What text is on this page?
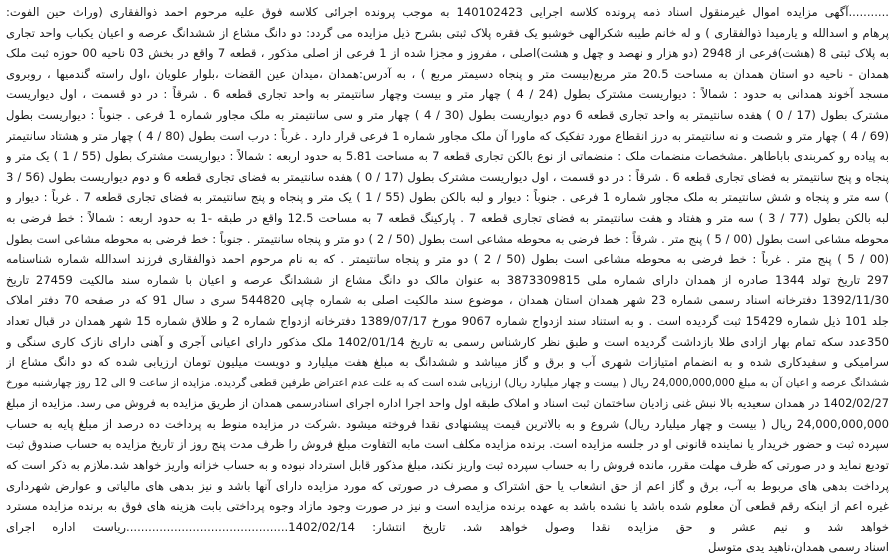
...........آگهی مزایده اموال غیرمنقول اسناد ذمه پرونده کلاسه اجرایی 140102423 به موجب پرونده اجرائی کلاسه فوق علیه مرحوم احمد ذوالفقاری (وراث حین الفوت:
پرهام و اسدالله و یارمیدا ذوالفقاری ) و له خانم طیبه شکرالهی خوشبو یک فقره پلاک ثبتی بشرح ذیل مزایده می گردد: دو دانگ مشاع از ششدانگ عرصه و اعیان یکباب واحد تجاری
به پلاک ثبتی 8 (هشت)فرعی از 2948 (دو هزار و نهصد و چهل و هشت)اصلی ، مفروز و مجزا شده از 1 فرعی از اصلی مذکور ، قطعه 7 واقع در بخش 03 ناحیه 00 حوزه ثبت ملک
همدان - ناحیه دو استان همدان به مساحت 20.5 متر مربع(بیست متر و پنجاه دسیمتر مربع ) ، به آدرس:همدان ،میدان عین القضات ،بلوار علویان ،اول راسته گندمیها ، روبروی
مسجد آخوند همدانی به حدود : شمالاً : دیواریست مشترک بطول (24 / 4 ) چهار متر و بیست وچهار سانتیمتر به واحد تجاری قطعه 6 . شرقاً : در دو قسمت ، اول دیواریست
مشترک بطول (17 / 0 ) هفده سانتیمتر به واحد تجاری قطعه 6 دوم دیواریست بطول (30 / 4 ) چهار متر و سی سانتیمتر به ملک مجاور شماره 1 فرعی . جنوباً : دیواریست بطول
(69 / 4 ) چهار متر و شصت و نه سانتیمتر به درز انقطاع مورد تفکیک که ماورا آن ملک مجاور شماره 1 فرعی قرار دارد . غرباً : درب است بطول (80 / 4 ) چهار متر و هشتاد سانتیمتر
به پیاده رو کمربندی باباطاهر .مشخصات منضمات ملک : منضماتی از نوع بالکن تجاری قطعه 7 به مساحت 5.81 به حدود اربعه : شمالاً : دیواریست مشترک بطول (55 / 1 ) یک متر و
پنجاه و پنج سانتیمتر به فضای تجاری قطعه 6 . شرقاً : در دو قسمت ، اول دیواریست مشترک بطول (17 / 0 ) هفده سانتیمتر به فضای تجاری قطعه 6 و دوم دیواریست بطول (56 / 3
) سه متر و پنجاه و شش سانتیمتر به ملک مجاور شماره 1 فرعی . جنوباً : دیوار و لبه بالکن بطول (55 / 1 ) یک متر و پنجاه و پنج سانتیمتر به فضای تجاری قطعه 7 . غرباً : دیوار و
لبه بالکن بطول (77 / 3 ) سه متر و هفتاد و هفت سانتیمتر به فضای تجاری قطعه 7 . پارکینگ قطعه 7 به مساحت 12.5 واقع در طبقه -1 به حدود اربعه : شمالاً : خط فرضی به
محوطه مشاعی است بطول (00 / 5 ) پنج متر . شرقاً : خط فرضی به محوطه مشاعی است بطول (50 / 2 ) دو متر و پنجاه سانتیمتر . جنوباً : خط فرضی به محوطه مشاعی است بطول
(00 / 5 ) پنج متر . غرباً : خط فرضی به محوطه مشاعی است بطول (50 / 2 ) دو متر و پنجاه سانتیمتر . که به نام مرحوم احمد ذوالفقاری فرزند اسدالله شماره شناسنامه
297 تاریخ تولد 1344 صادره از همدان دارای شماره ملی 3873309815 به عنوان مالک دو دانگ مشاع از ششدانگ عرصه و اعیان با شماره سند مالکیت 27459 تاریخ
1392/11/30 دفترخانه اسناد رسمی شماره 23 شهر همدان استان همدان ، موضوع سند مالکیت اصلی به شماره چاپی 544820 سری د سال 91 که در صفحه 70 دفتر املاک
جلد 101 ذیل شماره 15429 ثبت گردیده است . و به استناد سند ازدواج شماره 9067 مورخ 1389/07/17 دفترخانه ازدواج شماره 2 و طلاق شماره 15 شهر همدان در قبال تعداد
350عدد سکه تمام بهار ازادی طلا بازداشت گردیده است و طبق نظر کارشناس رسمی به تاریخ 1402/01/14 ملک مذکور دارای اعیانی آجری و آهنی دارای نازک کاری سنگی و
سرامیکی و سفیدکاری شده و به انضمام امتیازات شهری آب و برق و گاز میباشد و ششدانگ به مبلغ هفت میلیارد و دویست میلیون تومان ارزیابی شده که دو دانگ مشاع از
ششدانگ عرصه و اعیان آن به مبلغ 24,000,000,000 ریال ( بیست و چهار میلیارد ریال) ارزیابی شده است که به علت عدم اعتراض طرفین قطعی گردیده. مزایده از ساعت 9 الی 12 روز چهارشنبه مورخ
1402/02/27 در همدان سعیدیه بالا نبش غنی زادیان ساختمان ثبت اسناد و املاک طبقه اول واحد اجرا اداره اجرای اسنادرسمی همدان از طریق مزایده به فروش می رسد. مزایده از مبلغ
24,000,000,000 ریال ( بیست و چهار میلیارد ریال) شروع و به بالاترین قیمت پیشنهادی نقدا فروخته میشود .شرکت در مزایده منوط به پرداخت ده درصد از مبلغ پایه به حساب
سپرده ثبت و حضور خریدار یا نماینده قانونی او در جلسه مزایده است. برنده مزایده مکلف است مابه التفاوت مبلغ فروش را ظرف مدت پنج روز از تاریخ مزایده به حساب صندوق ثبت
تودیع نماید و در صورتی که ظرف مهلت مقرر، مانده فروش را به حساب سپرده ثبت واریز نکند، مبلغ مذکور قابل استرداد نبوده و به حساب خزانه واریز خواهد شد.ملازم به ذکر است که
پرداخت بدهی های مربوط به آب، برق و گاز اعم از حق انشعاب یا حق اشتراک و مصرف در صورتی که مورد مزایده دارای آنها باشد و نیز بدهی های مالیاتی و عوارض شهرداری
غیره اعم از اینکه رقم قطعی آن معلوم شده باشد یا نشده باشد به عهده برنده مزایده است و نیز در صورت وجود مازاد وجوه پرداختی بابت هزینه های فوق به برنده مزایده مسترد
خواهد شد و نیم عشر و حق مزایده نقدا وصول خواهد شد. تاریخ انتشار: 1402/02/14............................................ریاست اداره اجرای
اسناد رسمی همدان،ناهید یدی متوسل
